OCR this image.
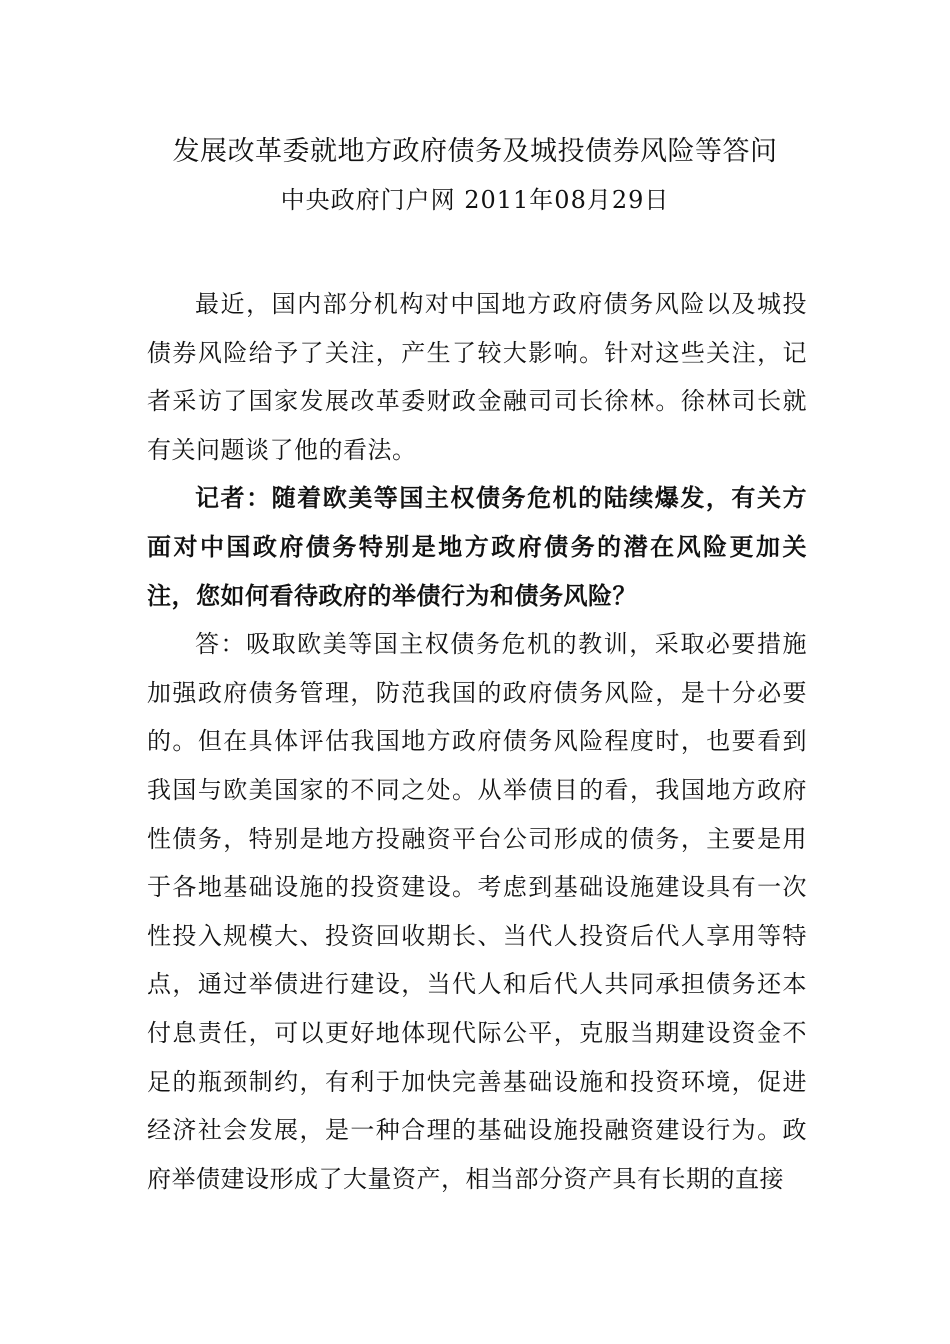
发展改革委就地方政府债务及城投债券风险等答问
中央政府门户网 2011年08月29日

最近，国内部分机构对中国地方政府债务风险以及城投债券风险给予了关注，产生了较大影响。针对这些关注，记者采访了国家发展改革委财政金融司司长徐林。徐林司长就有关问题谈了他的看法。

记者：随着欧美等国主权债务危机的陆续爆发，有关方面对中国政府债务特别是地方政府债务的潜在风险更加关注，您如何看待政府的举债行为和债务风险？

答：吸取欧美等国主权债务危机的教训，采取必要措施加强政府债务管理，防范我国的政府债务风险，是十分必要的。但在具体评估我国地方政府债务风险程度时，也要看到我国与欧美国家的不同之处。从举债目的看，我国地方政府性债务，特别是地方投融资平台公司形成的债务，主要是用于各地基础设施的投资建设。考虑到基础设施建设具有一次性投入规模大、投资回收期长、当代人投资后代人享用等特点，通过举债进行建设，当代人和后代人共同承担债务还本付息责任，可以更好地体现代际公平，克服当期建设资金不足的瓶颈制约，有利于加快完善基础设施和投资环境，促进经济社会发展，是一种合理的基础设施投融资建设行为。政府举债建设形成了大量资产，相当部分资产具有长期的直接
